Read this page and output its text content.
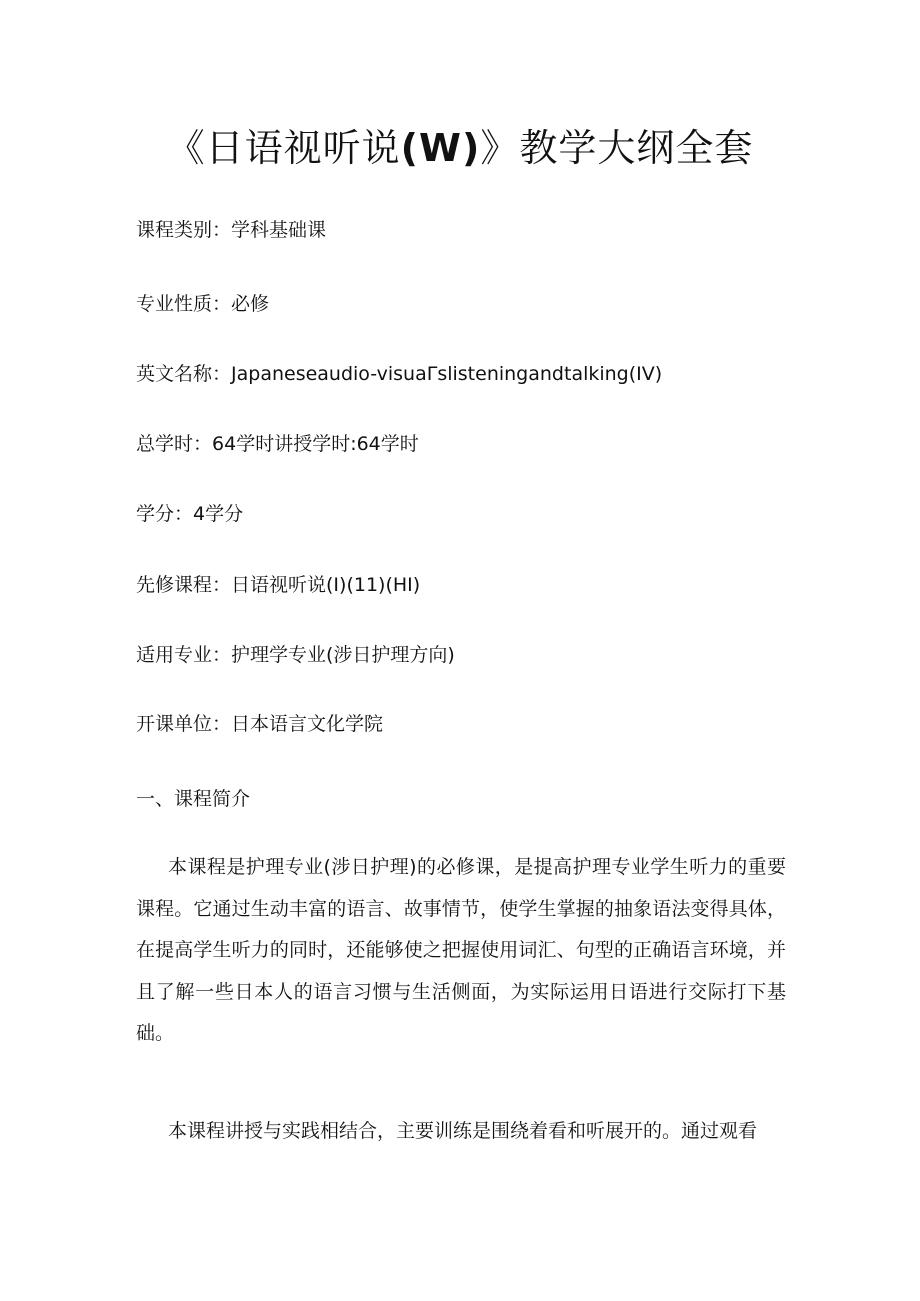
《日语视听说(W)》教学大纲全套

课程类别：学科基础课

专业性质：必修

英文名称：Japaneseaudio-visuaΓslisteningandtalking(IV)

总学时：64学时讲授学时:64学时

学分：4学分

先修课程：日语视听说(I)(11)(HI)

适用专业：护理学专业(涉日护理方向)

开课单位：日本语言文化学院

一、课程简介

本课程是护理专业(涉日护理)的必修课，是提高护理专业学生听力的重要课程。它通过生动丰富的语言、故事情节，使学生掌握的抽象语法变得具体，在提高学生听力的同时，还能够使之把握使用词汇、句型的正确语言环境，并且了解一些日本人的语言习惯与生活侧面，为实际运用日语进行交际打下基础。

本课程讲授与实践相结合，主要训练是围绕着看和听展开的。通过观看
